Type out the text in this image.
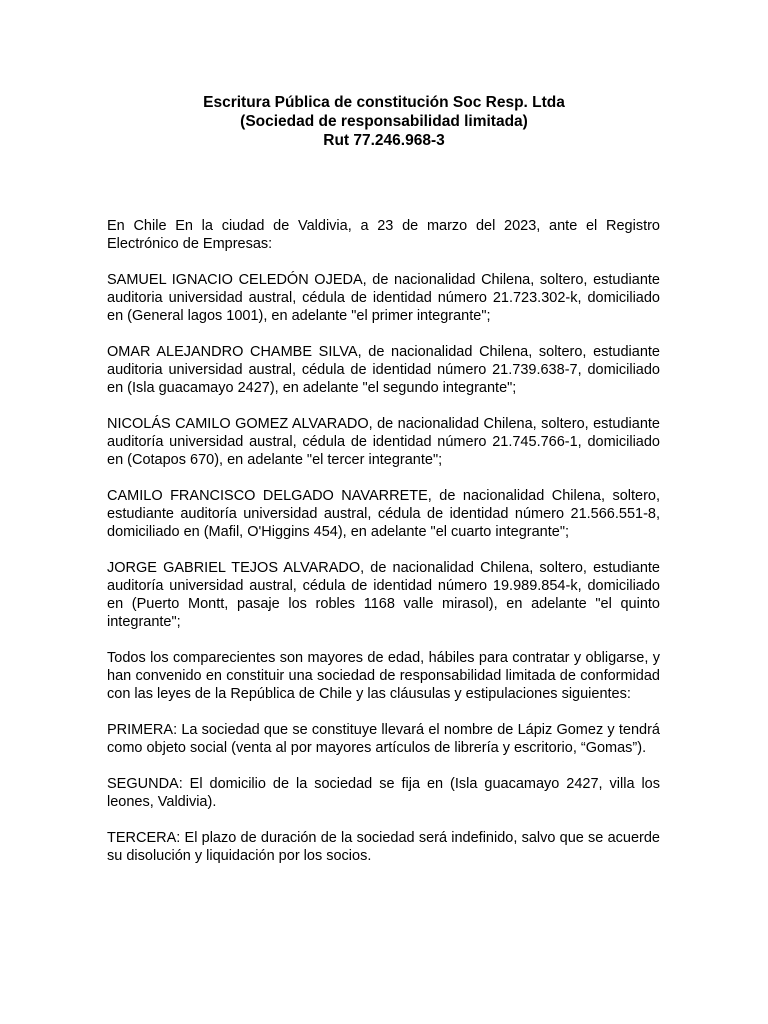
Escritura Pública de constitución Soc Resp. Ltda
(Sociedad de responsabilidad limitada)
Rut 77.246.968-3

En Chile En la ciudad de Valdivia, a 23 de marzo del 2023, ante el Registro Electrónico de Empresas:

SAMUEL IGNACIO CELEDÓN OJEDA, de nacionalidad Chilena, soltero, estudiante auditoria universidad austral, cédula de identidad número 21.723.302-k, domiciliado en (General lagos 1001), en adelante "el primer integrante";

OMAR ALEJANDRO CHAMBE SILVA, de nacionalidad Chilena, soltero, estudiante auditoria universidad austral, cédula de identidad número 21.739.638-7, domiciliado en (Isla guacamayo 2427), en adelante "el segundo integrante";

NICOLÁS CAMILO GOMEZ ALVARADO, de nacionalidad Chilena, soltero, estudiante auditoría universidad austral, cédula de identidad número 21.745.766-1, domiciliado en (Cotapos 670), en adelante "el tercer integrante";

CAMILO FRANCISCO DELGADO NAVARRETE, de nacionalidad Chilena, soltero, estudiante auditoría universidad austral, cédula de identidad número 21.566.551-8, domiciliado en (Mafil, O'Higgins 454), en adelante "el cuarto integrante";

JORGE GABRIEL TEJOS ALVARADO, de nacionalidad Chilena, soltero, estudiante auditoría universidad austral, cédula de identidad número 19.989.854-k, domiciliado en (Puerto Montt, pasaje los robles 1168 valle mirasol), en adelante "el quinto integrante";

Todos los comparecientes son mayores de edad, hábiles para contratar y obligarse, y han convenido en constituir una sociedad de responsabilidad limitada de conformidad con las leyes de la República de Chile y las cláusulas y estipulaciones siguientes:

PRIMERA: La sociedad que se constituye llevará el nombre de Lápiz Gomez y tendrá como objeto social (venta al por mayores artículos de librería y escritorio, “Gomas”).

SEGUNDA: El domicilio de la sociedad se fija en (Isla guacamayo 2427, villa los leones, Valdivia).

TERCERA: El plazo de duración de la sociedad será indefinido, salvo que se acuerde su disolución y liquidación por los socios.
